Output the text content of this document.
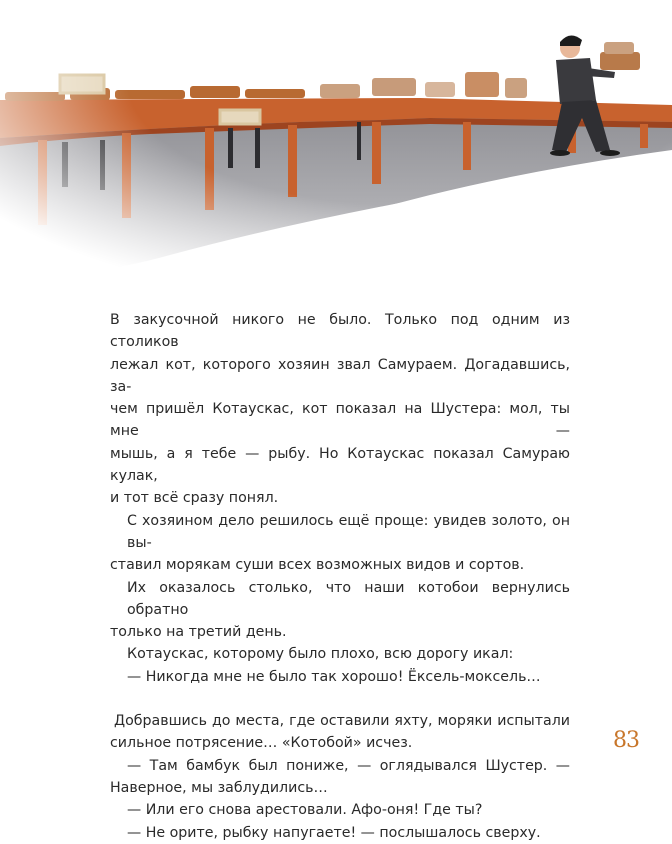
В закусочной никого не было. Только под одним из столиков
лежал кот, которого хозяин звал Самураем. Догадавшись, за-
чем пришёл Котаускас, кот показал на Шустера: мол, ты мне —
мышь, а я тебе — рыбу. Но Котаускас показал Самураю кулак,
и тот всё сразу понял.

С хозяином дело решилось ещё проще: увидев золото, он вы-
ставил морякам суши всех возможных видов и сортов.

Их оказалось столько, что наши котобои вернулись обратно
только на третий день.

Котаускас, которому было плохо, всю дорогу икал:

— Никогда мне не было так хорошо! Ёксель-моксель…

Добравшись до места, где оставили яхту, моряки испытали
сильное потрясение… «Котобой» исчез.

— Там бамбук был пониже, — оглядывался Шустер. —
Наверное, мы заблудились…

— Или его снова арестовали. Афо-оня! Где ты?

— Не орите, рыбку напугаете! — послышалось сверху.

83
